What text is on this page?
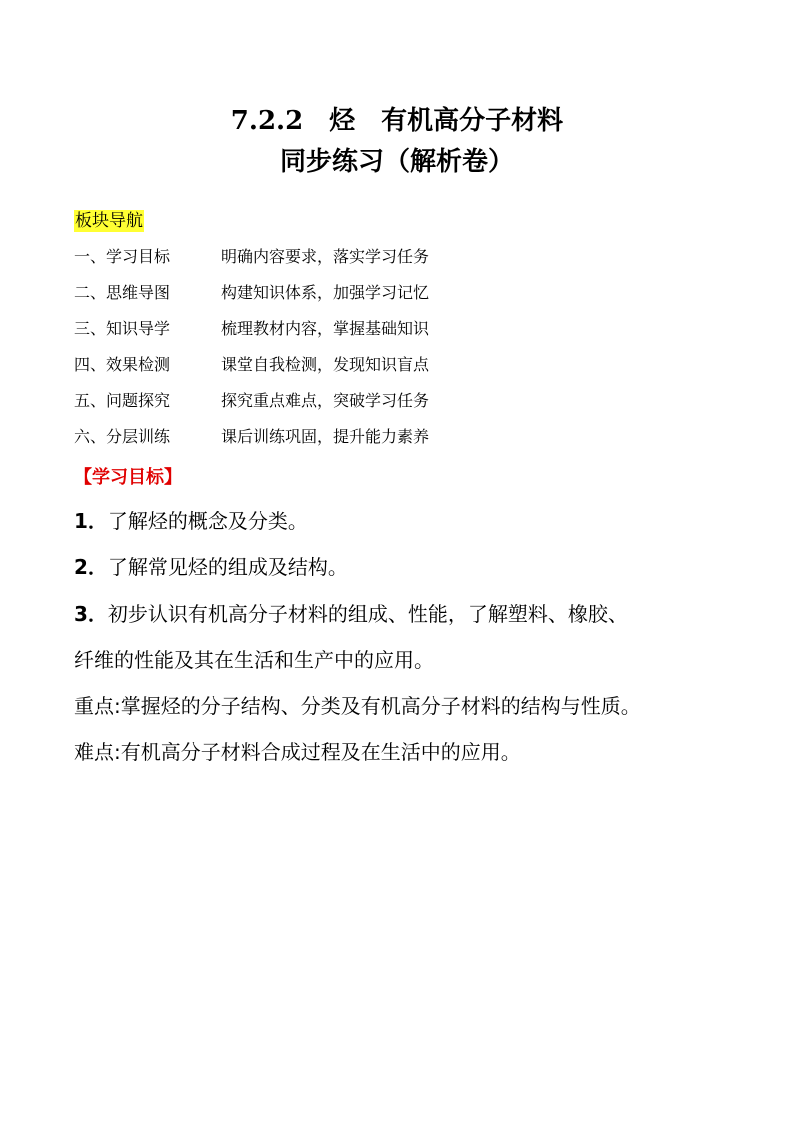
7.2.2　烃　有机高分子材料
同步练习（解析卷）
板块导航
一、学习目标	明确内容要求，落实学习任务
二、思维导图	构建知识体系，加强学习记忆
三、知识导学	梳理教材内容，掌握基础知识
四、效果检测	课堂自我检测，发现知识盲点
五、问题探究	探究重点难点，突破学习任务
六、分层训练	课后训练巩固，提升能力素养
【学习目标】
1．了解烃的概念及分类。
2．了解常见烃的组成及结构。
3．初步认识有机高分子材料的组成、性能，了解塑料、橡胶、
纤维的性能及其在生活和生产中的应用。
重点:掌握烃的分子结构、分类及有机高分子材料的结构与性质。
难点:有机高分子材料合成过程及在生活中的应用。
